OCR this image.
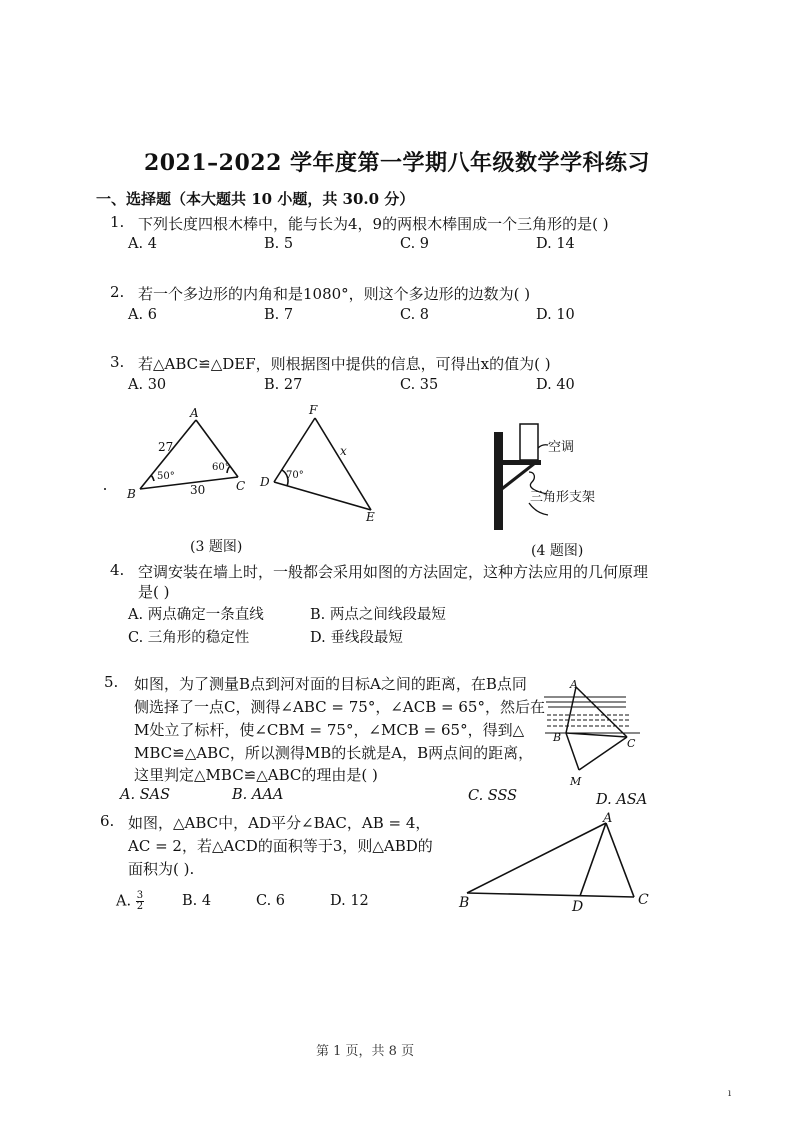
2021–2022 学年度第一学期八年级数学学科练习
一、选择题（本大题共 10 小题，共 30.0 分）
1. 下列长度四根木棒中，能与长为4，9的两根木棒围成一个三角形的是( )
A. 4	B. 5	C. 9	D. 14
2. 若一个多边形的内角和是1080°，则这个多边形的边数为( )
A. 6	B. 7	C. 8	D. 10
3. 若△ABC≌△DEF，则根据图中提供的信息，可得出x的值为( )
A. 30	B. 27	C. 35	D. 40
A
B
C
27
30
50°
60°
D
E
F
x
70°
空调
三角形支架
A
B	C
M
A
B	C
D
(3 题图)	(4 题图)
4. 空调安装在墙上时，一般都会采用如图的方法固定，这种方法应用的几何原理
是( )
A. 两点确定一条直线	B. 两点之间线段最短
C. 三角形的稳定性	D. 垂线段最短
5. 如图，为了测量B点到河对面的目标A之间的距离，在B点同
侧选择了一点C，测得∠ABC = 75°，∠ACB = 65°，然后在
M处立了标杆，使∠CBM = 75°，∠MCB = 65°，得到△
MBC≌△ABC，所以测得MB的长就是A，B两点间的距离，
这里判定△MBC≌△ABC的理由是( )
A. SAS	B. AAA	C. SSS	D. ASA
6. 如图，△ABC中，AD平分∠BAC，AB = 4，
AC = 2，若△ACD的面积等于3，则△ABD的
面积为( ).
A. $\frac{3}{2}$	B. 4	C. 6	D. 12
第 1 页，共 8 页
ı
